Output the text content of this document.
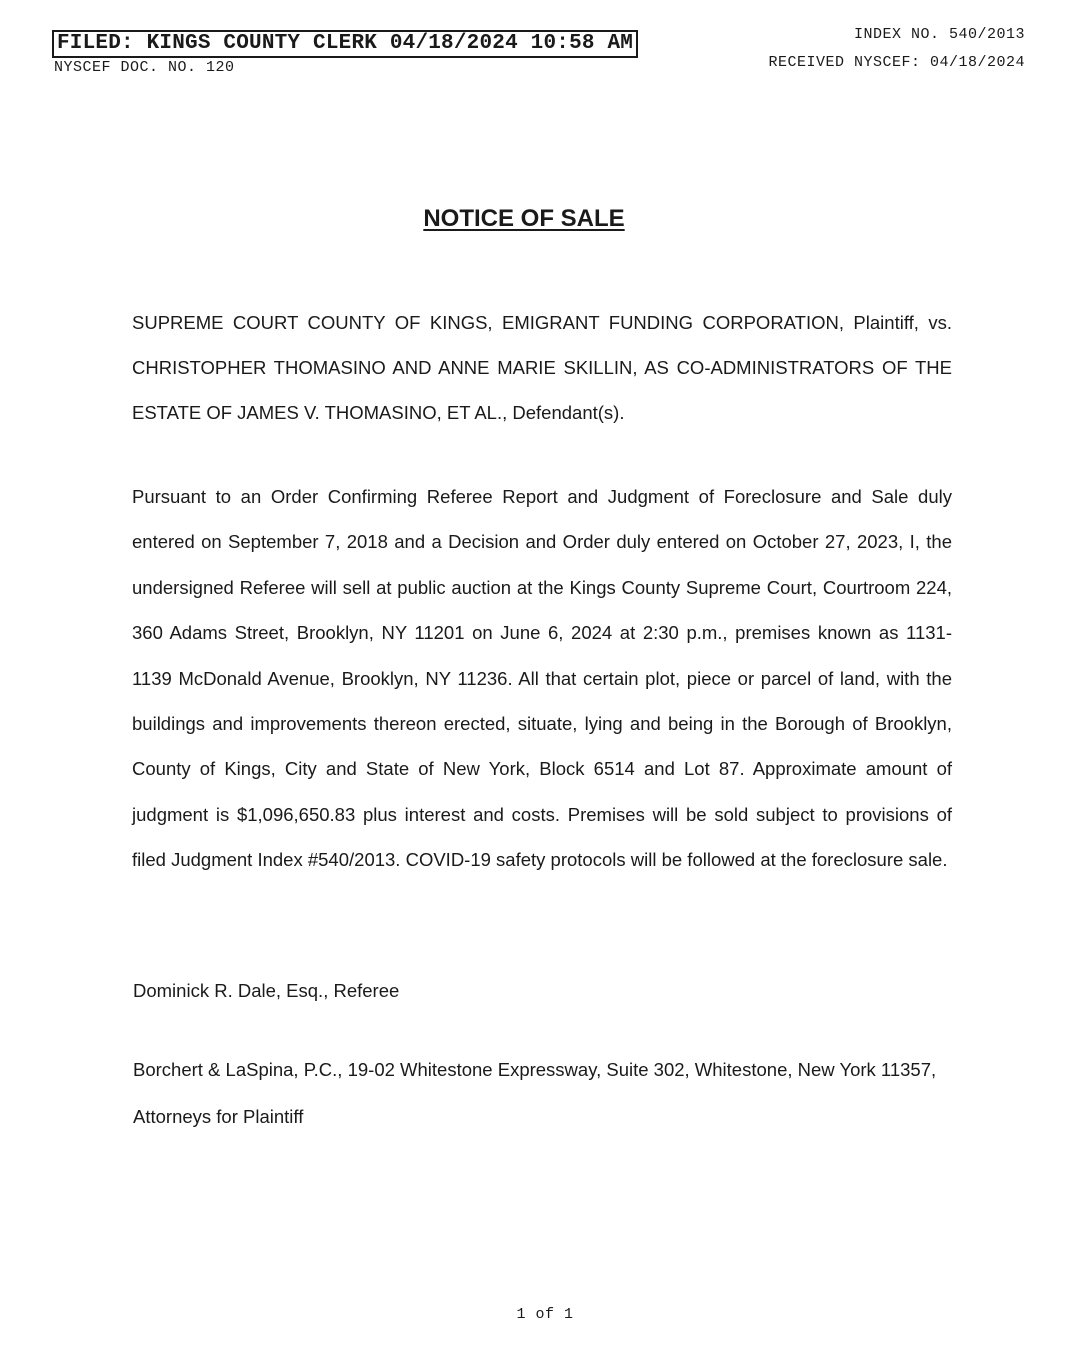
FILED: KINGS COUNTY CLERK 04/18/2024 10:58 AM
NYSCEF DOC. NO. 120
INDEX NO. 540/2013
RECEIVED NYSCEF: 04/18/2024
NOTICE OF SALE
SUPREME COURT COUNTY OF KINGS, EMIGRANT FUNDING CORPORATION, Plaintiff, vs. CHRISTOPHER THOMASINO AND ANNE MARIE SKILLIN, AS CO-ADMINISTRATORS OF THE ESTATE OF JAMES V. THOMASINO, ET AL., Defendant(s).
Pursuant to an Order Confirming Referee Report and Judgment of Foreclosure and Sale duly entered on September 7, 2018 and a Decision and Order duly entered on October 27, 2023, I, the undersigned Referee will sell at public auction at the Kings County Supreme Court, Courtroom 224, 360 Adams Street, Brooklyn, NY 11201 on June 6, 2024 at 2:30 p.m., premises known as 1131-1139 McDonald Avenue, Brooklyn, NY 11236. All that certain plot, piece or parcel of land, with the buildings and improvements thereon erected, situate, lying and being in the Borough of Brooklyn, County of Kings, City and State of New York, Block 6514 and Lot 87. Approximate amount of judgment is $1,096,650.83 plus interest and costs. Premises will be sold subject to provisions of filed Judgment Index #540/2013. COVID-19 safety protocols will be followed at the foreclosure sale.
Dominick R. Dale, Esq., Referee
Borchert & LaSpina, P.C., 19-02 Whitestone Expressway, Suite 302, Whitestone, New York 11357, Attorneys for Plaintiff
1 of 1
